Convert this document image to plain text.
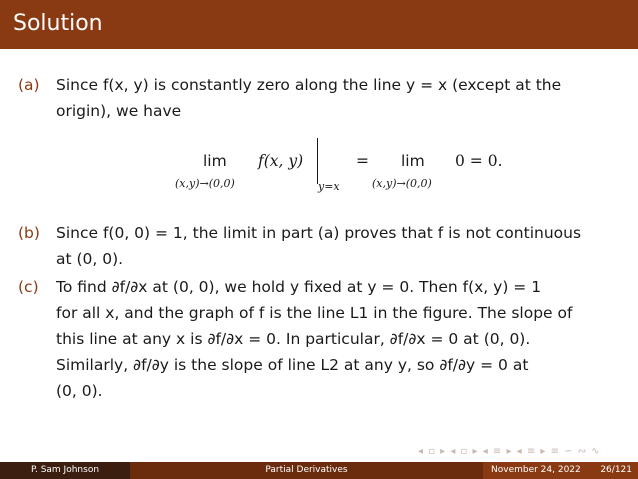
Solution
(a) Since f(x, y) is constantly zero along the line y = x (except at the
origin), we have
lim
(x,y)→(0,0)
f(x, y)
y=x
= lim
(x,y)→(0,0)
0 = 0.
(b) Since f(0, 0) = 1, the limit in part (a) proves that f is not continuous
at (0, 0).
(c) To find ∂f/∂x at (0, 0), we hold y fixed at y = 0. Then f(x, y) = 1
for all x, and the graph of f is the line L1 in the figure. The slope of
this line at any x is ∂f/∂x = 0. In particular, ∂f/∂x = 0 at (0, 0).
Similarly, ∂f/∂y is the slope of line L2 at any y, so ∂f/∂y = 0 at
(0, 0).
◂ ▫ ▸ ◂ ▫ ▸ ◂ ≡ ▸ ◂ ≡ ▸ ≡ ∽ ∾ ∿
P. Sam Johnson	Partial Derivatives	November 24, 2022 26/121
